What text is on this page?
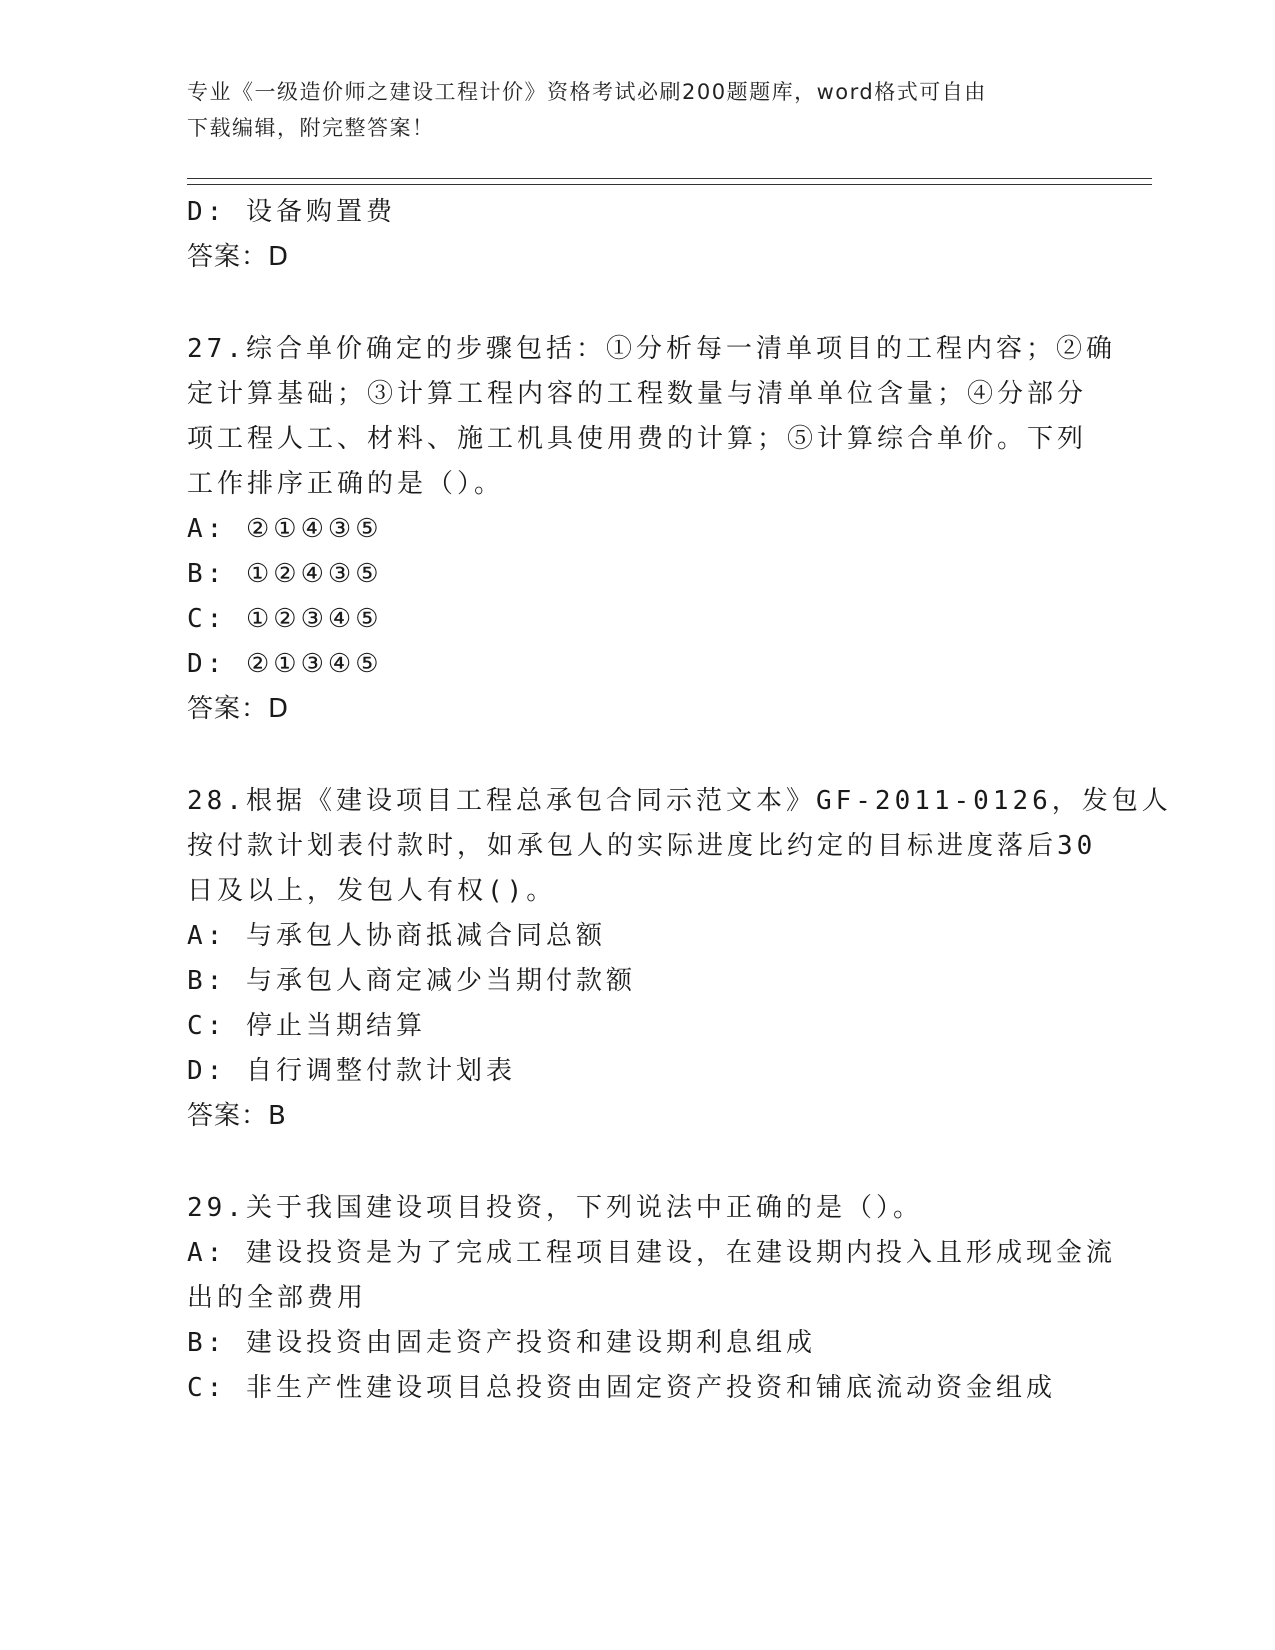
专业《一级造价师之建设工程计价》资格考试必刷200题题库，word格式可自由
下载编辑，附完整答案！
D: 设备购置费
答案：D
27.综合单价确定的步骤包括：①分析每一清单项目的工程内容；②确
定计算基础；③计算工程内容的工程数量与清单单位含量；④分部分
项工程人工、材料、施工机具使用费的计算；⑤计算综合单价。下列
工作排序正确的是（）。
A: ②①④③⑤
B: ①②④③⑤
C: ①②③④⑤
D: ②①③④⑤
答案：D
28.根据《建设项目工程总承包合同示范文本》GF-2011-0126，发包人
按付款计划表付款时，如承包人的实际进度比约定的目标进度落后30
日及以上，发包人有权()。
A: 与承包人协商抵减合同总额
B: 与承包人商定减少当期付款额
C: 停止当期结算
D: 自行调整付款计划表
答案：B
29.关于我国建设项目投资，下列说法中正确的是（）。
A: 建设投资是为了完成工程项目建设，在建设期内投入且形成现金流
出的全部费用
B: 建设投资由固走资产投资和建设期利息组成
C: 非生产性建设项目总投资由固定资产投资和铺底流动资金组成
